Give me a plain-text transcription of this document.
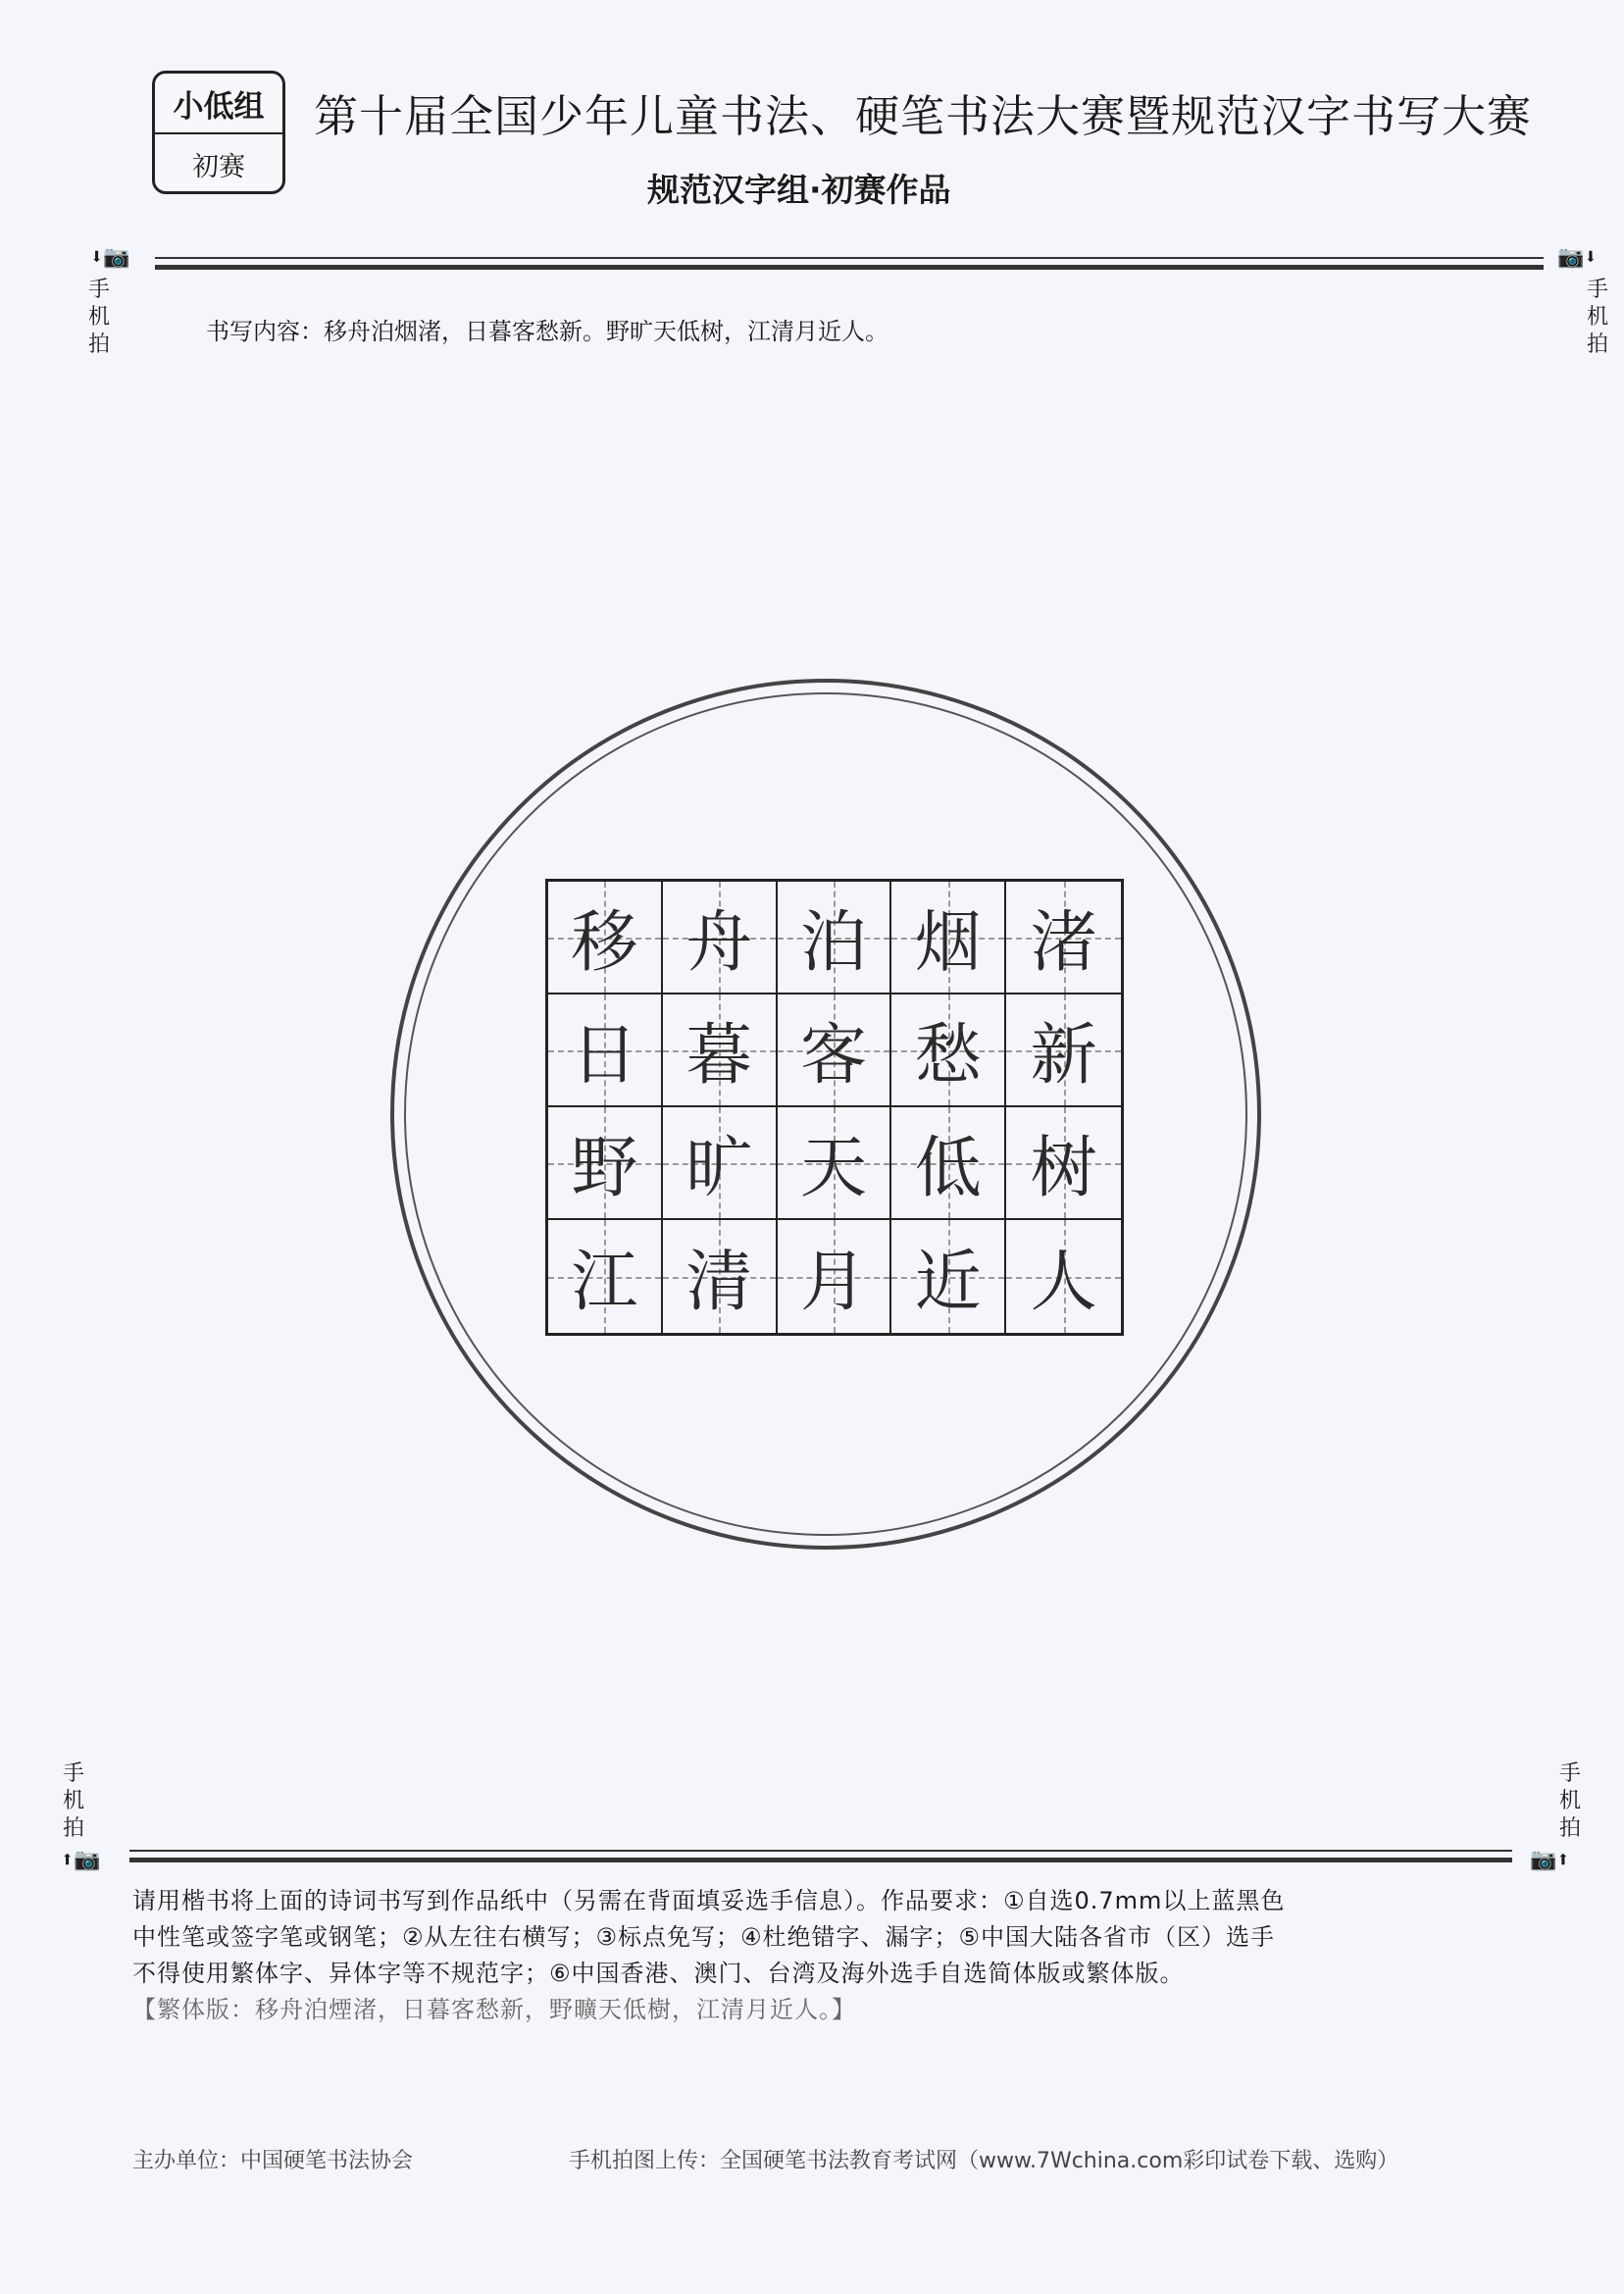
小低组
初赛
第十届全国少年儿童书法、硬笔书法大赛暨规范汉字书写大赛
规范汉字组·初赛作品
⬇📷
手
机
拍
📷⬇
手
机
拍
书写内容：移舟泊烟渚，日暮客愁新。野旷天低树，江清月近人。
移 舟 泊 烟 渚
日 暮 客 愁 新
野 旷 天 低 树
江 清 月 近 人
手
机
拍
⬆📷
手
机
拍
📷⬆
请用楷书将上面的诗词书写到作品纸中（另需在背面填妥选手信息）。作品要求：①自选0.7mm以上蓝黑色
中性笔或签字笔或钢笔；②从左往右横写；③标点免写；④杜绝错字、漏字；⑤中国大陆各省市（区）选手
不得使用繁体字、异体字等不规范字；⑥中国香港、澳门、台湾及海外选手自选简体版或繁体版。
【繁体版：移舟泊煙渚，日暮客愁新，野曠天低樹，江清月近人。】
主办单位：中国硬笔书法协会	手机拍图上传：全国硬笔书法教育考试网（www.7Wchina.com彩印试卷下载、选购）
